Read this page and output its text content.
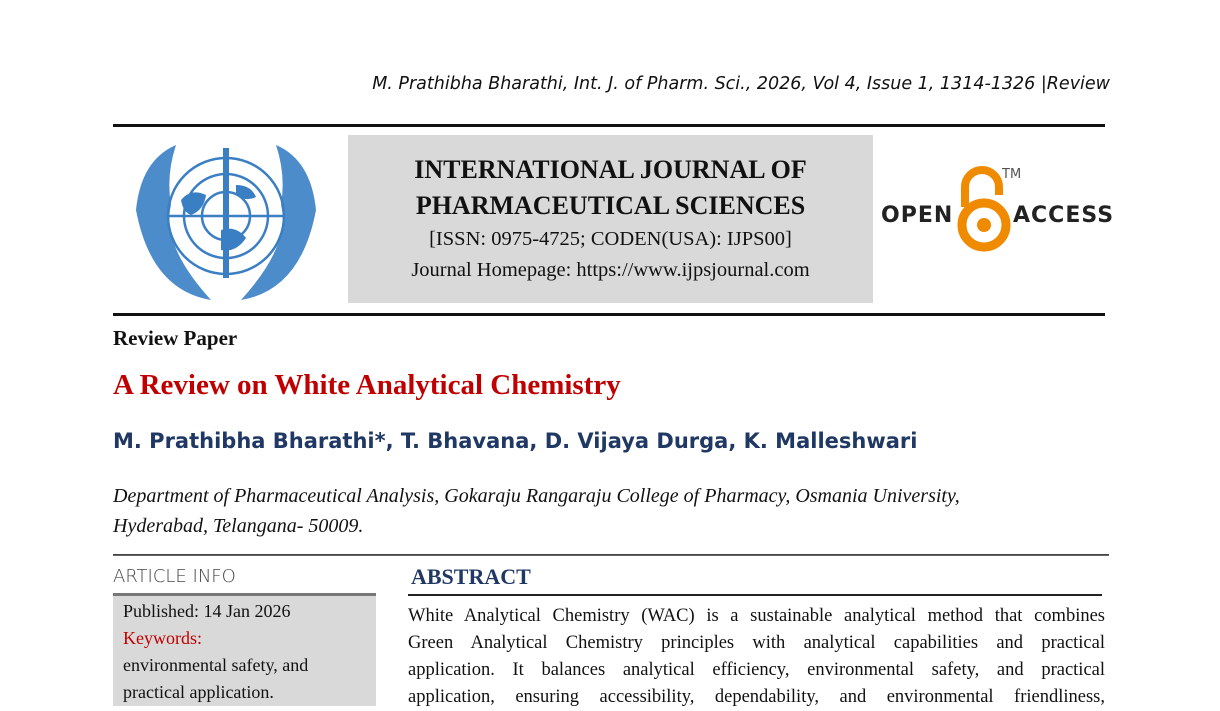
M. Prathibha Bharathi, Int. J. of Pharm. Sci., 2026, Vol 4, Issue 1, 1314-1326 |Review
INTERNATIONAL JOURNAL OF
PHARMACEUTICAL SCIENCES
[ISSN: 0975-4725; CODEN(USA): IJPS00]
Journal Homepage: https://www.ijpsjournal.com
OPEN
TM
ACCESS
Review Paper
A Review on White Analytical Chemistry
M. Prathibha Bharathi*, T. Bhavana, D. Vijaya Durga, K. Malleshwari
Department of Pharmaceutical Analysis, Gokaraju Rangaraju College of Pharmacy, Osmania University,
Hyderabad, Telangana- 50009.
ARTICLE INFO
Published: 14 Jan 2026
Keywords:
environmental safety, and
practical application.
ABSTRACT
White Analytical Chemistry (WAC) is a sustainable analytical method that combines
Green Analytical Chemistry principles with analytical capabilities and practical
application. It balances analytical efficiency, environmental safety, and practical
application, ensuring accessibility, dependability, and environmental friendliness,
